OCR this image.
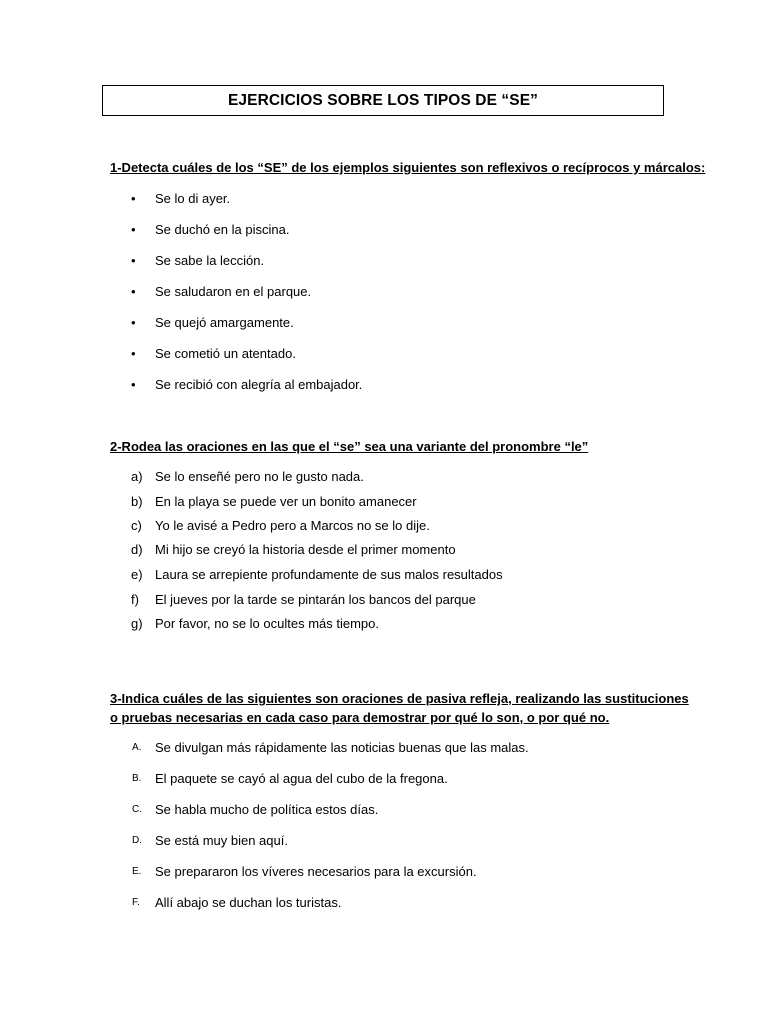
EJERCICIOS SOBRE LOS TIPOS DE “SE”
1-Detecta cuáles de los “SE” de los ejemplos siguientes son reflexivos o recíprocos y márcalos:
•	Se lo di ayer.
•	Se duchó en la piscina.
•	Se sabe la lección.
•	Se saludaron en el parque.
•	Se quejó amargamente.
•	Se cometió un atentado.
•	Se recibió con alegría al embajador.
2-Rodea las oraciones en las que el “se” sea una variante del pronombre “le”
a) Se lo enseñé pero no le gusto nada.
b) En la playa se puede ver un bonito amanecer
c)	Yo le avisé a Pedro pero a Marcos no se lo dije.
d) Mi hijo se creyó la historia desde el primer momento
e) Laura se arrepiente profundamente de sus malos resultados
f)	El jueves por la tarde se pintarán los bancos del parque
g) Por favor, no se lo ocultes más tiempo.
3-Indica cuáles de las siguientes son oraciones de pasiva refleja, realizando las sustituciones
o pruebas necesarias en cada caso para demostrar por qué lo son, o por qué no.
A.	Se divulgan más rápidamente las noticias buenas que las malas.
B.	El paquete se cayó al agua del cubo de la fregona.
C.	Se habla mucho de política estos días.
D.	Se está muy bien aquí.
E.	Se prepararon los víveres necesarios para la excursión.
F.	Allí abajo se duchan los turistas.
